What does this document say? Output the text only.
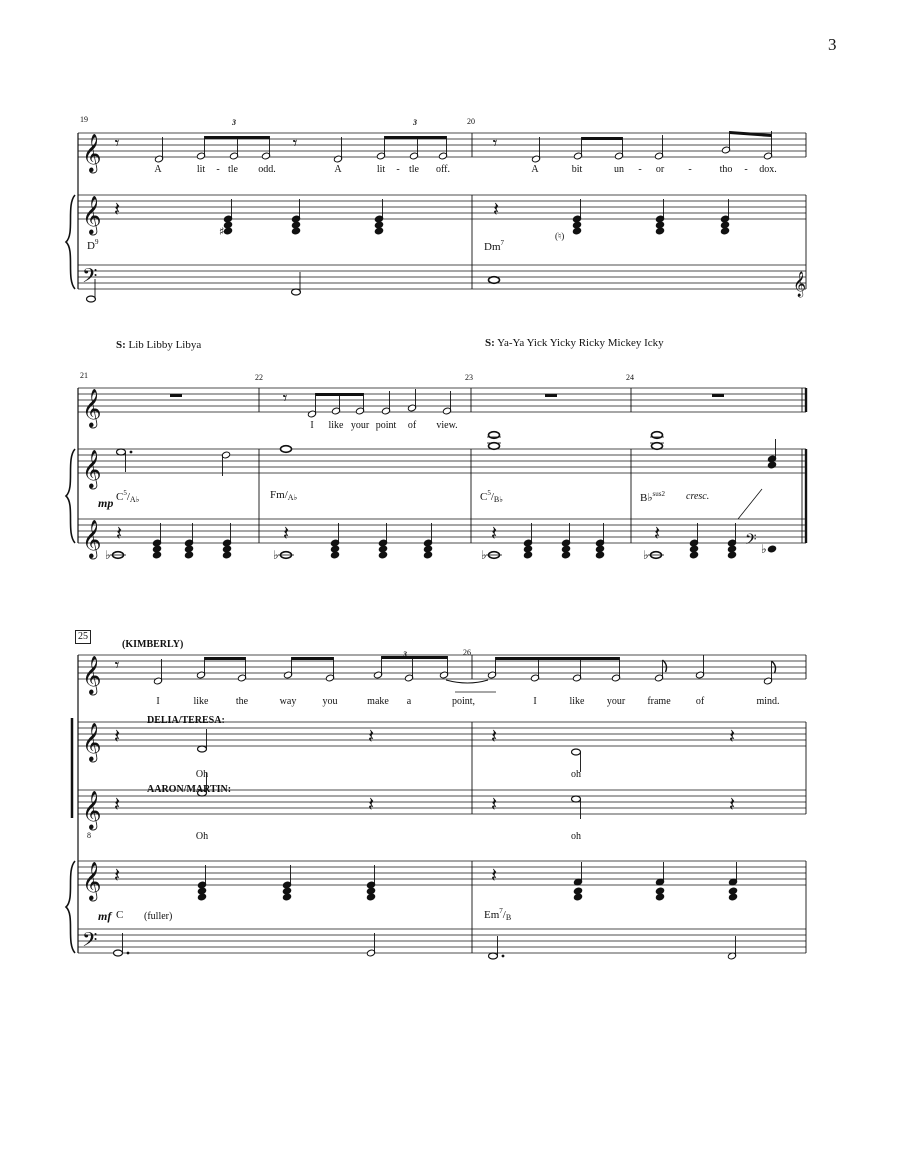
𝄞
𝄞
𝄢
𝄾	𝄾	𝄾
𝄽
♯
𝄽
𝄞
𝄞
𝄞
𝄞
𝄾
♭	♭	♭	♭
𝄽	𝄽	𝄽	𝄽	𝄢 ♭
𝄞
𝄞
𝄞
𝄞
𝄢
𝄾
𝄽	𝄽	𝄽	𝄽
𝄽	𝄽	𝄽	𝄽
𝄽	𝄽
3
19	20
3	3
A	lit - tle odd.	A	lit - tle off.	A	bit	un - or -	tho - dox.
$D^9$	Dm$^7$
(♮)
S: Lib Libby Libya	S: Ya-Ya Yick Yicky Ricky Mickey Icky
21	22	23	24
I like your point of view.
mp $C^5/_{A♭}$	$Fm/_{A♭}$	$C^5/_{B♭}$	B♭$^{sus2}$ cresc.
25
(KIMBERLY)
26
3
I	like	the	way	you	make a	point,	I	like your frame	of	mind.
DELIA/TERESA:
Oh	oh
AARON/MARTIN:
Oh	oh
8
mf C (fuller)	$Em^7/_B$
